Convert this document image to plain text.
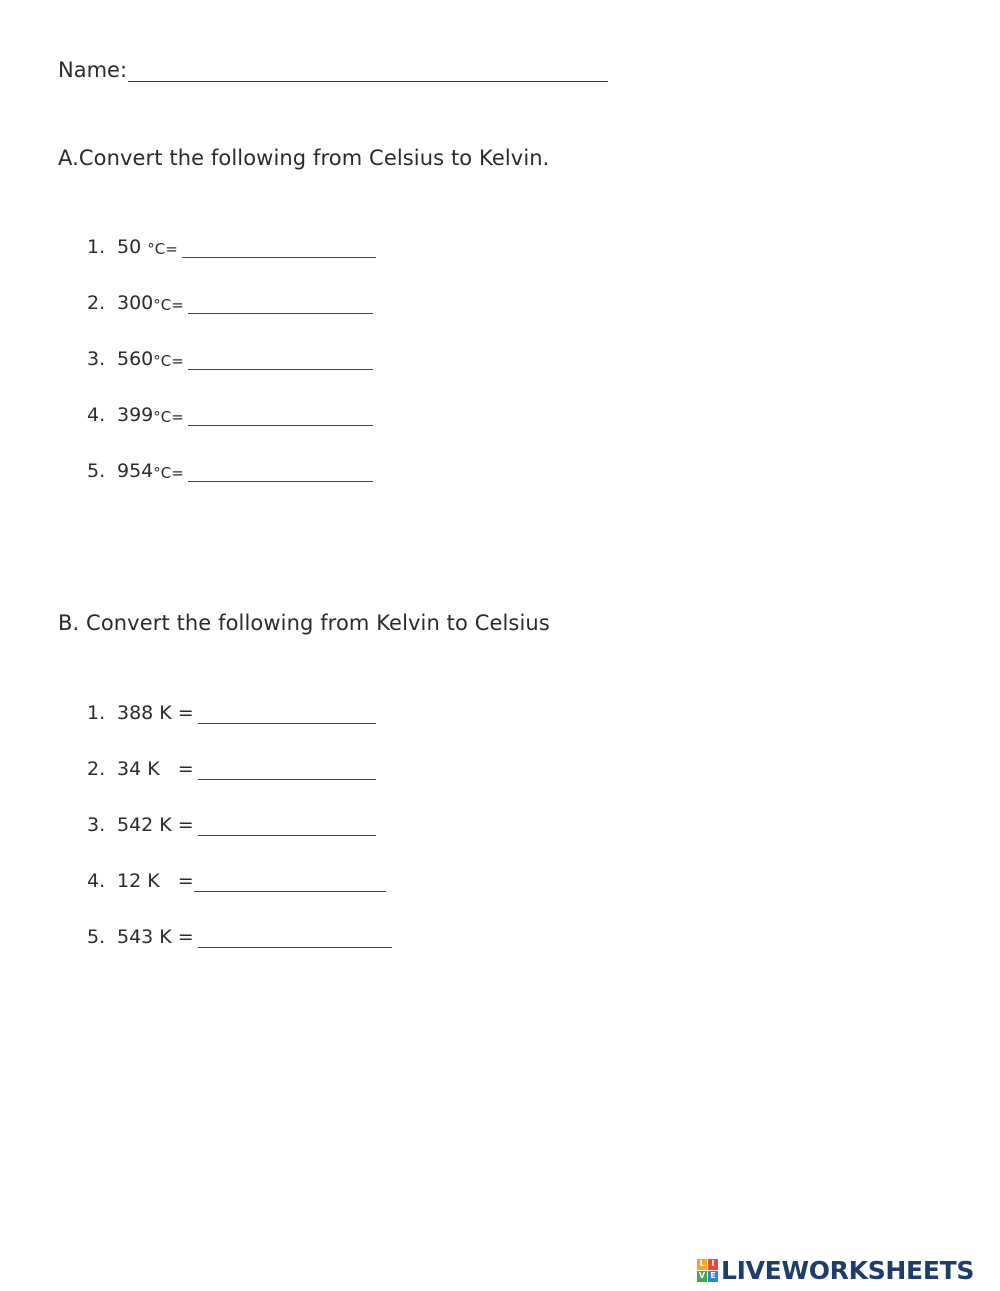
Name:
A.Convert the following from Celsius to Kelvin.
1. 50 °C =
2. 300 °C =
3. 560 °C =
4. 399 °C =
5. 954 °C =
B. Convert the following from Kelvin to Celsius
1. 388 K =
2. 34 K   =
3. 542 K =
4. 12 K   =
5. 543 K =
L I
V E LIVEWORKSHEETS
